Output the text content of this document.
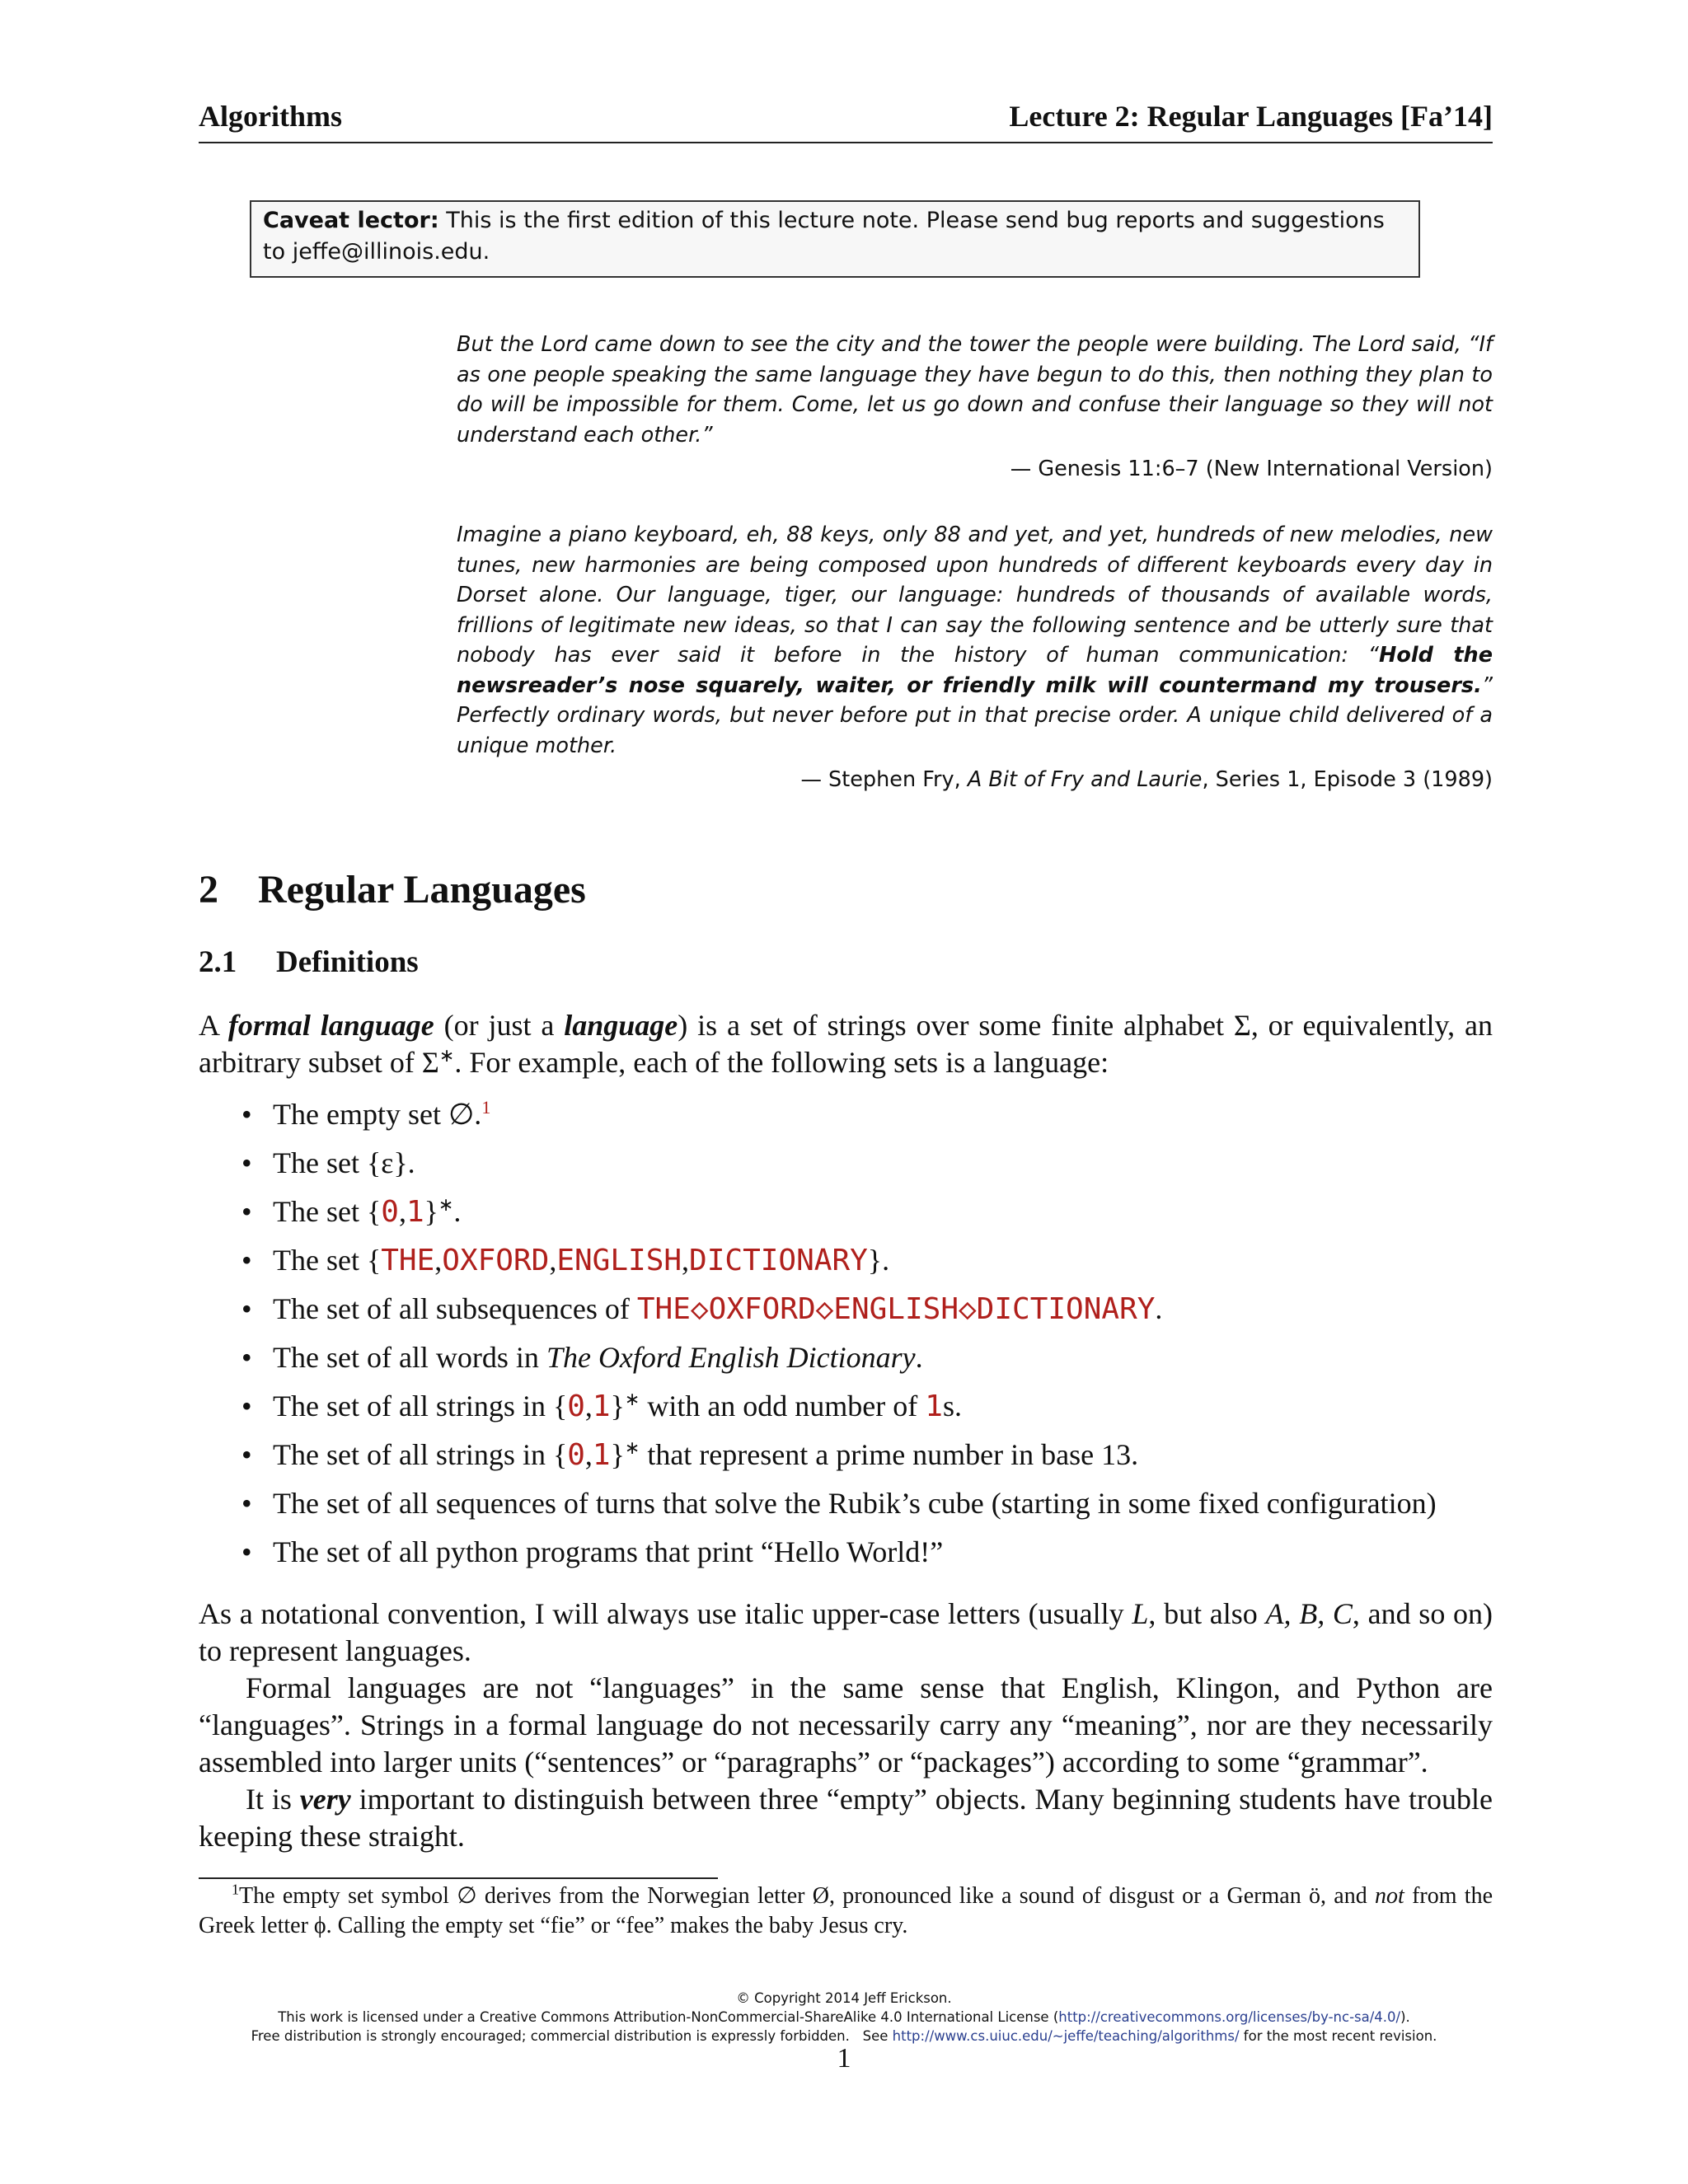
Algorithms	Lecture 2: Regular Languages [Fa’14]
Caveat lector: This is the first edition of this lecture note. Please send bug reports and suggestions to jeffe@illinois.edu.
But the Lord came down to see the city and the tower the people were building. The Lord said, “If as one people speaking the same language they have begun to do this, then nothing they plan to do will be impossible for them. Come, let us go down and confuse their language so they will not understand each other.”
— Genesis 11:6–7 (New International Version)
Imagine a piano keyboard, eh, 88 keys, only 88 and yet, and yet, hundreds of new melodies, new tunes, new harmonies are being composed upon hundreds of different keyboards every day in Dorset alone. Our language, tiger, our language: hundreds of thousands of available words, frillions of legitimate new ideas, so that I can say the following sentence and be utterly sure that nobody has ever said it before in the history of human communication: “Hold the newsreader’s nose squarely, waiter, or friendly milk will countermand my trousers.” Perfectly ordinary words, but never before put in that precise order. A unique child delivered of a unique mother.
— Stephen Fry, A Bit of Fry and Laurie, Series 1, Episode 3 (1989)
2 Regular Languages
2.1 Definitions
A formal language (or just a language) is a set of strings over some finite alphabet Σ, or equivalently, an arbitrary subset of Σ∗. For example, each of the following sets is a language:
• The empty set ∅.$^1$
• The set {ε}.
• The set {0,1}∗.
• The set {THE,OXFORD,ENGLISH,DICTIONARY}.
• The set of all subsequences of THE◇OXFORD◇ENGLISH◇DICTIONARY.
• The set of all words in The Oxford English Dictionary.
• The set of all strings in {0,1}∗ with an odd number of 1s.
• The set of all strings in {0,1}∗ that represent a prime number in base 13.
• The set of all sequences of turns that solve the Rubik’s cube (starting in some fixed configuration)
• The set of all python programs that print “Hello World!”
As a notational convention, I will always use italic upper-case letters (usually L, but also A, B, C, and so on) to represent languages.
Formal languages are not “languages” in the same sense that English, Klingon, and Python are “languages”. Strings in a formal language do not necessarily carry any “meaning”, nor are they necessarily assembled into larger units (“sentences” or “paragraphs” or “packages”) according to some “grammar”.
It is very important to distinguish between three “empty” objects. Many beginning students have trouble keeping these straight.
$^1$The empty set symbol ∅ derives from the Norwegian letter Ø, pronounced like a sound of disgust or a German ö, and not from the Greek letter ϕ. Calling the empty set “fie” or “fee” makes the baby Jesus cry.
© Copyright 2014 Jeff Erickson.
This work is licensed under a Creative Commons Attribution-NonCommercial-ShareAlike 4.0 International License (http://creativecommons.org/licenses/by-nc-sa/4.0/).
Free distribution is strongly encouraged; commercial distribution is expressly forbidden.   See http://www.cs.uiuc.edu/~jeffe/teaching/algorithms/ for the most recent revision.
1
